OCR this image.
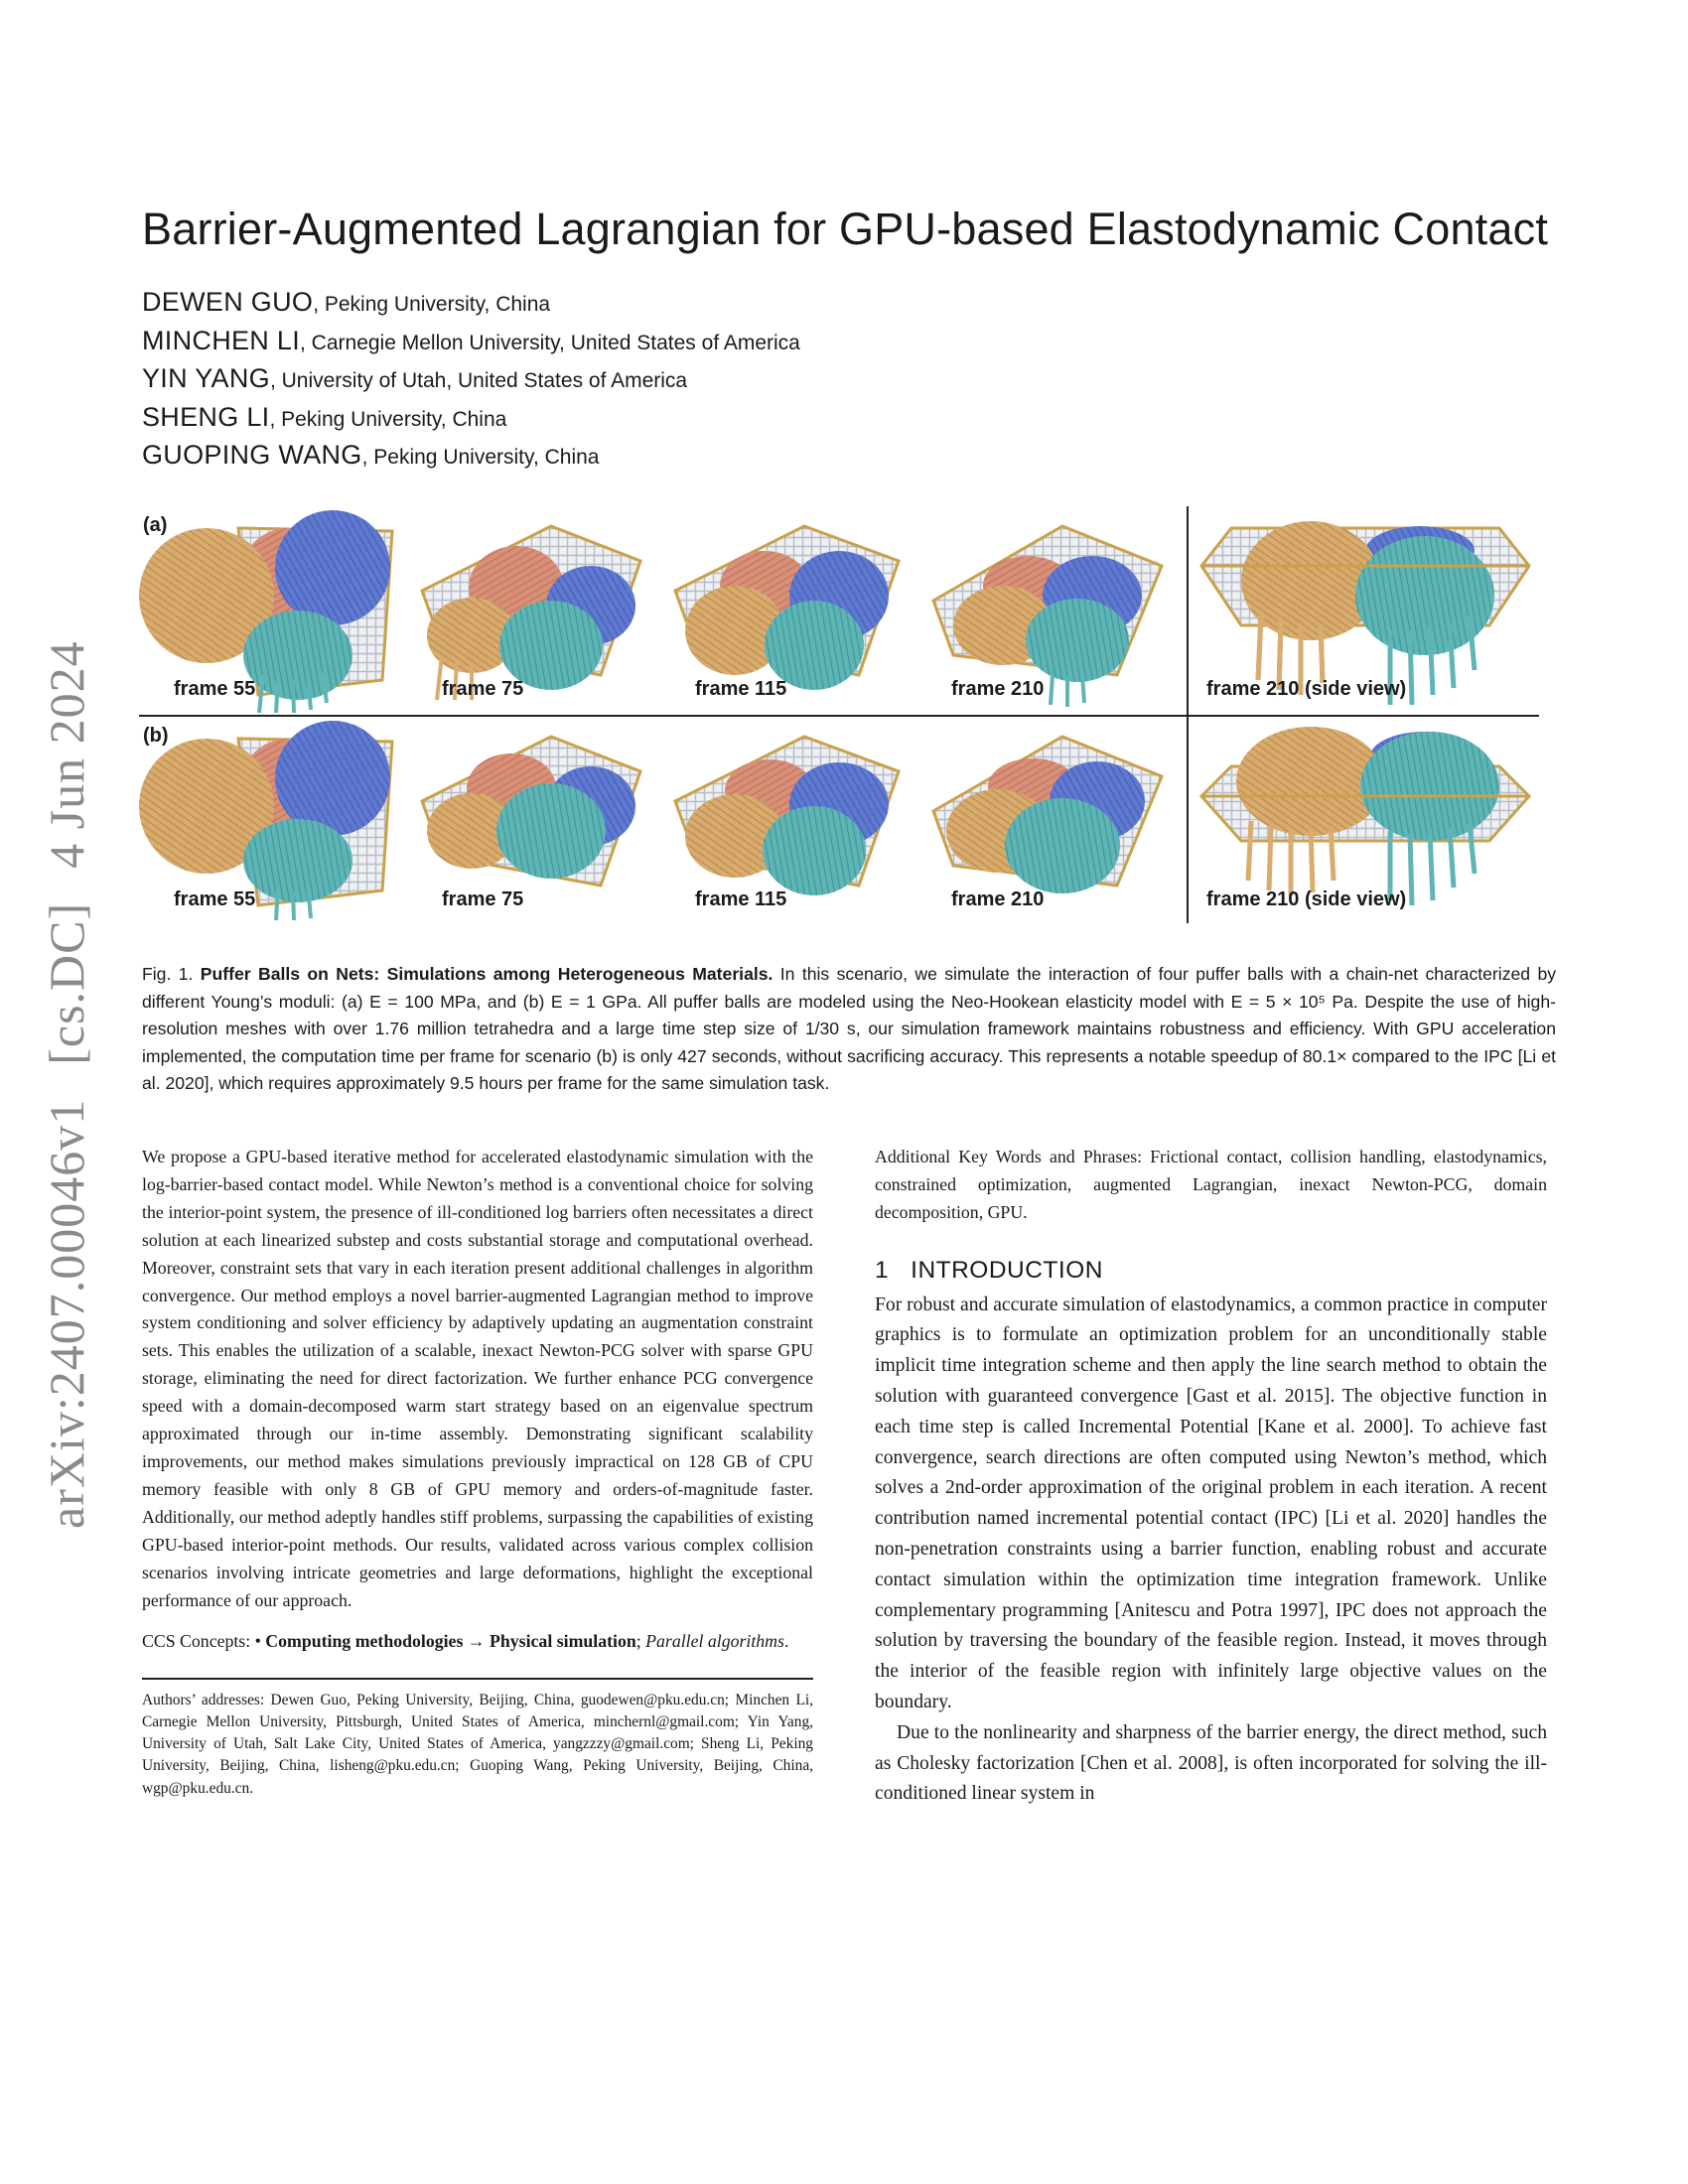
arXiv:2407.00046v1[cs.DC]4 Jun 2024
Barrier-Augmented Lagrangian for GPU-based Elastodynamic Contact
DEWEN GUO, Peking University, China
MINCHEN LI, Carnegie Mellon University, United States of America
YIN YANG, University of Utah, United States of America
SHENG LI, Peking University, China
GUOPING WANG, Peking University, China
(a)
frame 55	frame 75	frame 115	frame 210	frame 210 (side view)
(b)
frame 55	frame 75	frame 115	frame 210	frame 210 (side view)
Fig. 1. Puffer Balls on Nets: Simulations among Heterogeneous Materials. In this scenario, we simulate the interaction of four puffer balls with a chain-net characterized by different Young’s moduli: (a) E = 100 MPa, and (b) E = 1 GPa. All puffer balls are modeled using the Neo-Hookean elasticity model with E = 5 × 10⁵ Pa. Despite the use of high-resolution meshes with over 1.76 million tetrahedra and a large time step size of 1/30 s, our simulation framework maintains robustness and efficiency. With GPU acceleration implemented, the computation time per frame for scenario (b) is only 427 seconds, without sacrificing accuracy. This represents a notable speedup of 80.1× compared to the IPC [Li et al. 2020], which requires approximately 9.5 hours per frame for the same simulation task.

We propose a GPU-based iterative method for accelerated elastodynamic simulation with the log-barrier-based contact model. While Newton’s method is a conventional choice for solving the interior-point system, the presence of ill-conditioned log barriers often necessitates a direct solution at each linearized substep and costs substantial storage and computational overhead. Moreover, constraint sets that vary in each iteration present additional challenges in algorithm convergence. Our method employs a novel barrier-augmented Lagrangian method to improve system conditioning and solver efficiency by adaptively updating an augmentation constraint sets. This enables the utilization of a scalable, inexact Newton-PCG solver with sparse GPU storage, eliminating the need for direct factorization. We further enhance PCG convergence speed with a domain-decomposed warm start strategy based on an eigenvalue spectrum approximated through our in-time assembly. Demonstrating significant scalability improvements, our method makes simulations previously impractical on 128 GB of CPU memory feasible with only 8 GB of GPU memory and orders-of-magnitude faster. Additionally, our method adeptly handles stiff problems, surpassing the capabilities of existing GPU-based interior-point methods. Our results, validated across various complex collision scenarios involving intricate geometries and large deformations, highlight the exceptional performance of our approach.

CCS Concepts: • Computing methodologies → Physical simulation; Parallel algorithms.

Authors’ addresses: Dewen Guo, Peking University, Beijing, China, guodewen@pku.edu.cn; Minchen Li, Carnegie Mellon University, Pittsburgh, United States of America, minchernl@gmail.com; Yin Yang, University of Utah, Salt Lake City, United States of America, yangzzzy@gmail.com; Sheng Li, Peking University, Beijing, China, lisheng@pku.edu.cn; Guoping Wang, Peking University, Beijing, China, wgp@pku.edu.cn.

Additional Key Words and Phrases: Frictional contact, collision handling, elastodynamics, constrained optimization, augmented Lagrangian, inexact Newton-PCG, domain decomposition, GPU.

1 INTRODUCTION

For robust and accurate simulation of elastodynamics, a common practice in computer graphics is to formulate an optimization problem for an unconditionally stable implicit time integration scheme and then apply the line search method to obtain the solution with guaranteed convergence [Gast et al. 2015]. The objective function in each time step is called Incremental Potential [Kane et al. 2000]. To achieve fast convergence, search directions are often computed using Newton’s method, which solves a 2nd-order approximation of the original problem in each iteration. A recent contribution named incremental potential contact (IPC) [Li et al. 2020] handles the non-penetration constraints using a barrier function, enabling robust and accurate contact simulation within the optimization time integration framework. Unlike complementary programming [Anitescu and Potra 1997], IPC does not approach the solution by traversing the boundary of the feasible region. Instead, it moves through the interior of the feasible region with infinitely large objective values on the boundary.

Due to the nonlinearity and sharpness of the barrier energy, the direct method, such as Cholesky factorization [Chen et al. 2008], is often incorporated for solving the ill-conditioned linear system in
